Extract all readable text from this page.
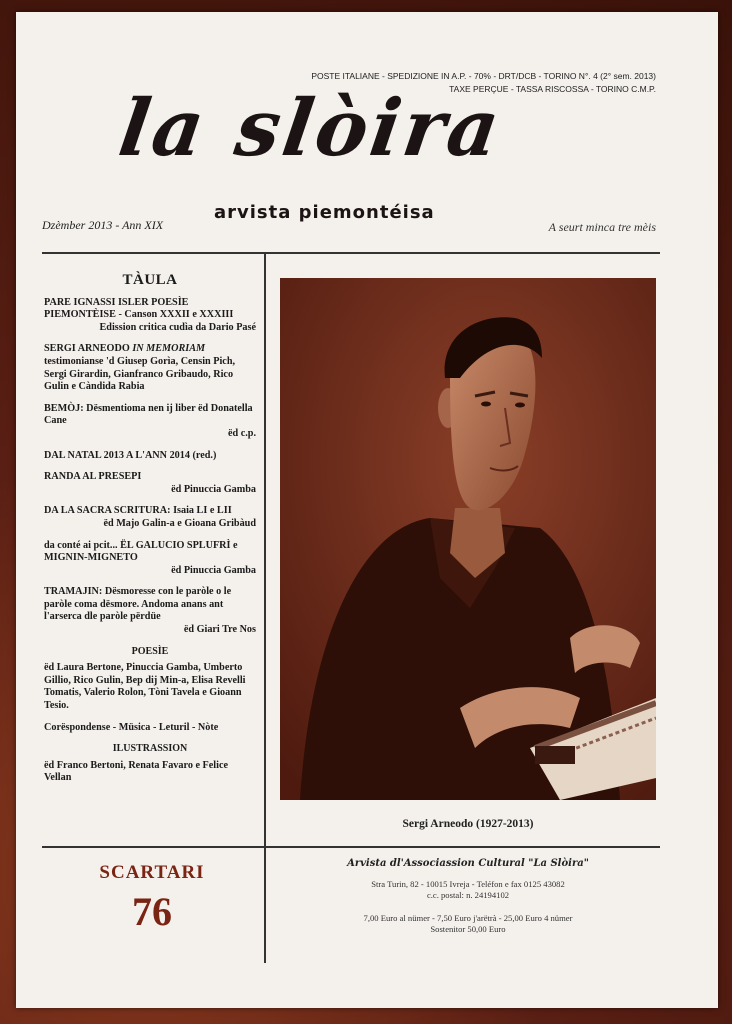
POSTE ITALIANE - SPEDIZIONE IN A.P. - 70% - DRT/DCB - TORINO N°. 4 (2° sem. 2013)
TAXE PERÇUE - TASSA RISCOSSA - TORINO C.M.P.
la slòira
arvista piemontéisa
Dzèmber 2013 - Ann XIX	A seurt minca tre mèis
TÀULA
PARE IGNASSI ISLER POESÌE PIEMONTÈISE - Canson XXXII e XXXIII
Edission critica cudìa da Dario Pasé
SERGI ARNEODO IN MEMORIAM
testimonianse 'd Giusep Gorìa, Censin Pich, Sergi Girardin, Gianfranco Gribaudo, Rico Gulin e Càndida Rabia
BEMÒJ: Dësmentioma nen ij liber ëd Donatella Cane
ëd c.p.
DAL NATAL 2013 A L'ANN 2014 (red.)
RANDA AL PRESEPI
ëd Pinuccia Gamba
DA LA SACRA SCRITURA: Isaia LI e LII
ëd Majo Galin-a e Gioana Gribàud
da conté ai pcit... ËL GALUCIO SPLUFRÌ e MIGNIN-MIGNETO
ëd Pinuccia Gamba
TRAMAJIN: Dësmoresse con le paròle o le paròle coma dësmore. Andoma anans ant l'arserca dle paròle përdüe
ëd Giari Tre Nos
POESÌE
ëd Laura Bertone, Pinuccia Gamba, Umberto Gillio, Rico Gulin, Bep dij Min-a, Elisa Revelli Tomatis, Valerio Rolon, Tòni Tavela e Gioann Tesio.
Corëspondense - Müsica - Leturil - Nòte
ILUSTRASSION
ëd Franco Bertoni, Renata Favaro e Felice Vellan
Sergi Arneodo (1927-2013)
SCARTARI
76
Arvista dl'Associassion Cultural "La Slòira"
Stra Turin, 82 - 10015 Ivreja - Teléfon e fax 0125 43082
c.c. postal: n. 24194102
7,00 Euro al nümer - 7,50 Euro j'arëtrà - 25,00 Euro 4 nümer
Sostenitor 50,00 Euro
